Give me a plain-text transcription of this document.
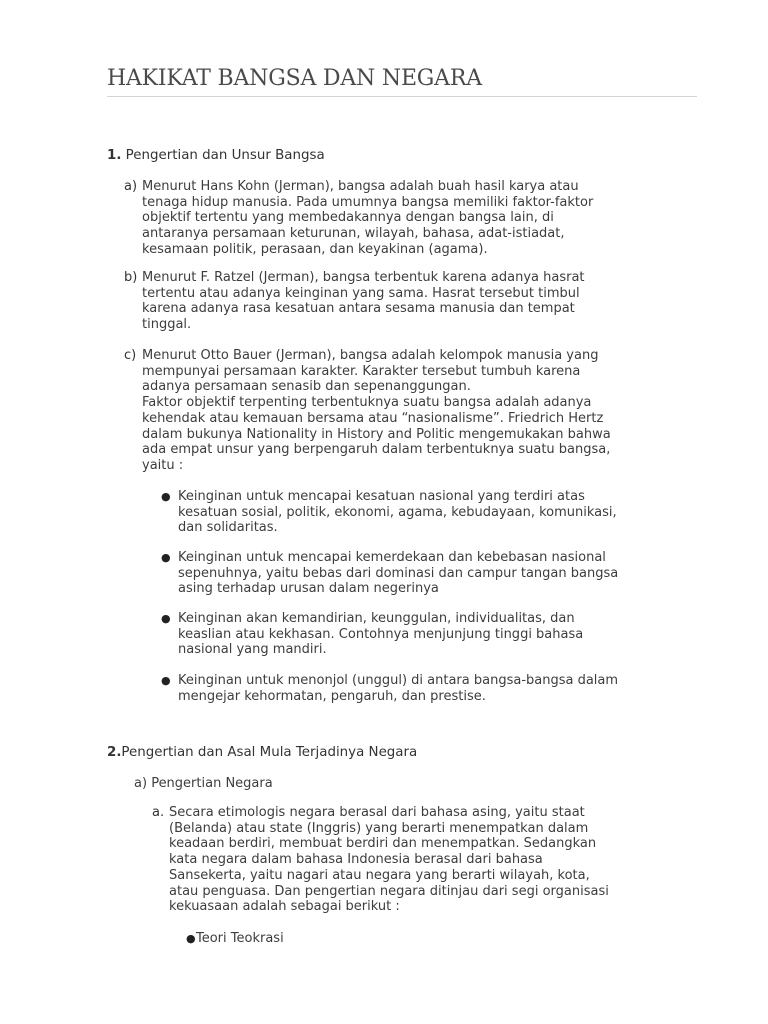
HAKIKAT BANGSA DAN NEGARA
1. Pengertian dan Unsur Bangsa
a) Menurut Hans Kohn (Jerman), bangsa adalah buah hasil karya atau
tenaga hidup manusia. Pada umumnya bangsa memiliki faktor-faktor
objektif tertentu yang membedakannya dengan bangsa lain, di
antaranya persamaan keturunan, wilayah, bahasa, adat-istiadat,
kesamaan politik, perasaan, dan keyakinan (agama).
b) Menurut F. Ratzel (Jerman), bangsa terbentuk karena adanya hasrat
tertentu atau adanya keinginan yang sama. Hasrat tersebut timbul
karena adanya rasa kesatuan antara sesama manusia dan tempat
tinggal.
c) Menurut Otto Bauer (Jerman), bangsa adalah kelompok manusia yang
mempunyai persamaan karakter. Karakter tersebut tumbuh karena
adanya persamaan senasib dan sepenanggungan.
Faktor objektif terpenting terbentuknya suatu bangsa adalah adanya
kehendak atau kemauan bersama atau “nasionalisme”. Friedrich Hertz
dalam bukunya Nationality in History and Politic mengemukakan bahwa
ada empat unsur yang berpengaruh dalam terbentuknya suatu bangsa,
yaitu :
● Keinginan untuk mencapai kesatuan nasional yang terdiri atas
kesatuan sosial, politik, ekonomi, agama, kebudayaan, komunikasi,
dan solidaritas.
● Keinginan untuk mencapai kemerdekaan dan kebebasan nasional
sepenuhnya, yaitu bebas dari dominasi dan campur tangan bangsa
asing terhadap urusan dalam negerinya
● Keinginan akan kemandirian, keunggulan, individualitas, dan
keaslian atau kekhasan. Contohnya menjunjung tinggi bahasa
nasional yang mandiri.
● Keinginan untuk menonjol (unggul) di antara bangsa-bangsa dalam
mengejar kehormatan, pengaruh, dan prestise.
2.Pengertian dan Asal Mula Terjadinya Negara
a) Pengertian Negara
a. Secara etimologis negara berasal dari bahasa asing, yaitu staat
(Belanda) atau state (Inggris) yang berarti menempatkan dalam
keadaan berdiri, membuat berdiri dan menempatkan. Sedangkan
kata negara dalam bahasa Indonesia berasal dari bahasa
Sansekerta, yaitu nagari atau negara yang berarti wilayah, kota,
atau penguasa. Dan pengertian negara ditinjau dari segi organisasi
kekuasaan adalah sebagai berikut :
● Teori Teokrasi
